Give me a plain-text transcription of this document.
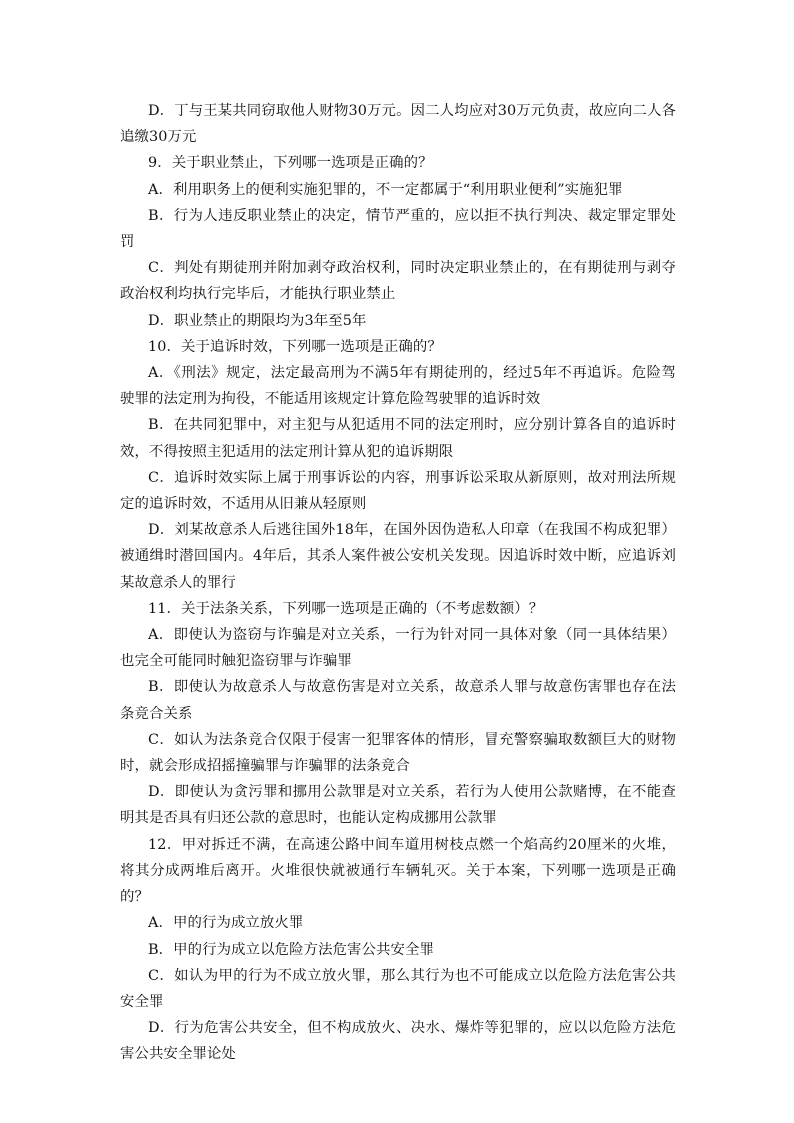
D．丁与王某共同窃取他人财物30万元。因二人均应对30万元负责，故应向二人各追缴30万元

9．关于职业禁止，下列哪一选项是正确的？

A．利用职务上的便利实施犯罪的，不一定都属于“利用职业便利”实施犯罪

B．行为人违反职业禁止的决定，情节严重的，应以拒不执行判决、裁定罪定罪处罚

C．判处有期徒刑并附加剥夺政治权利，同时决定职业禁止的，在有期徒刑与剥夺政治权利均执行完毕后，才能执行职业禁止

D．职业禁止的期限均为3年至5年

10．关于追诉时效，下列哪一选项是正确的？

A．《刑法》规定，法定最高刑为不满5年有期徒刑的，经过5年不再追诉。危险驾驶罪的法定刑为拘役，不能适用该规定计算危险驾驶罪的追诉时效

B．在共同犯罪中，对主犯与从犯适用不同的法定刑时，应分别计算各自的追诉时效，不得按照主犯适用的法定刑计算从犯的追诉期限

C．追诉时效实际上属于刑事诉讼的内容，刑事诉讼采取从新原则，故对刑法所规定的追诉时效，不适用从旧兼从轻原则

D．刘某故意杀人后逃往国外18年，在国外因伪造私人印章（在我国不构成犯罪）被通缉时潜回国内。4年后，其杀人案件被公安机关发现。因追诉时效中断，应追诉刘某故意杀人的罪行

11．关于法条关系，下列哪一选项是正确的（不考虑数额）？

A．即使认为盗窃与诈骗是对立关系，一行为针对同一具体对象（同一具体结果）也完全可能同时触犯盗窃罪与诈骗罪

B．即使认为故意杀人与故意伤害是对立关系，故意杀人罪与故意伤害罪也存在法条竞合关系

C．如认为法条竞合仅限于侵害一犯罪客体的情形，冒充警察骗取数额巨大的财物时，就会形成招摇撞骗罪与诈骗罪的法条竞合

D．即使认为贪污罪和挪用公款罪是对立关系，若行为人使用公款赌博，在不能查明其是否具有归还公款的意思时，也能认定构成挪用公款罪

12．甲对拆迁不满，在高速公路中间车道用树枝点燃一个焰高约20厘米的火堆，将其分成两堆后离开。火堆很快就被通行车辆轧灭。关于本案，下列哪一选项是正确的？

A．甲的行为成立放火罪

B．甲的行为成立以危险方法危害公共安全罪

C．如认为甲的行为不成立放火罪，那么其行为也不可能成立以危险方法危害公共安全罪

D．行为危害公共安全，但不构成放火、决水、爆炸等犯罪的，应以以危险方法危害公共安全罪论处
